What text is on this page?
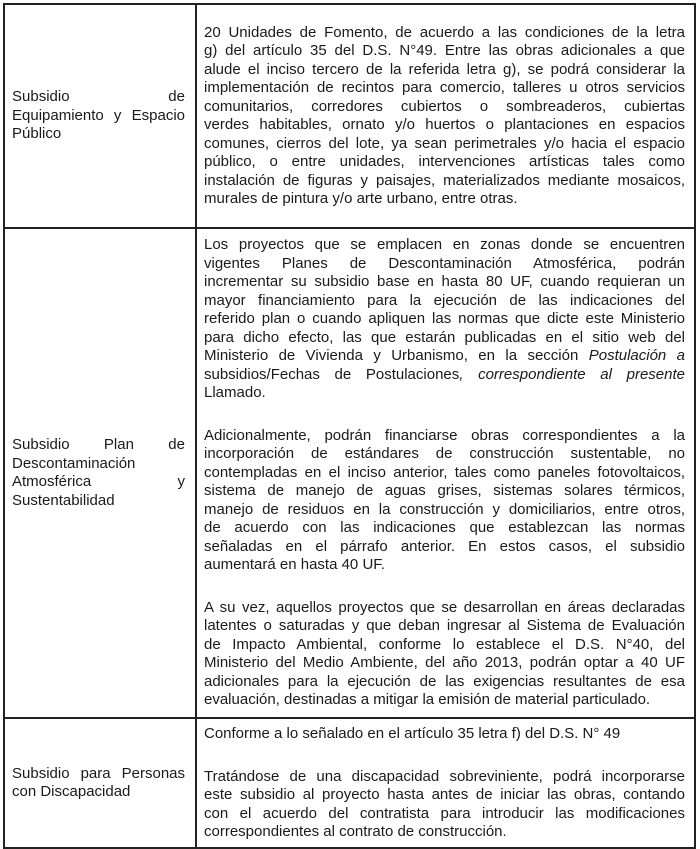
Subsidio de
Equipamiento y Espacio
Público
20 Unidades de Fomento, de acuerdo a las condiciones de la letra
g) del artículo 35 del D.S. N°49. Entre las obras adicionales a que
alude el inciso tercero de la referida letra g), se podrá considerar la
implementación de recintos para comercio, talleres u otros servicios
comunitarios, corredores cubiertos o sombreaderos, cubiertas
verdes habitables, ornato y/o huertos o plantaciones en espacios
comunes, cierros del lote, ya sean perimetrales y/o hacia el espacio
público, o entre unidades, intervenciones artísticas tales como
instalación de figuras y paisajes, materializados mediante mosaicos,
murales de pintura y/o arte urbano, entre otras.
Subsidio Plan de
Descontaminación
Atmosférica y
Sustentabilidad
Los proyectos que se emplacen en zonas donde se encuentren
vigentes Planes de Descontaminación Atmosférica, podrán
incrementar su subsidio base en hasta 80 UF, cuando requieran un
mayor financiamiento para la ejecución de las indicaciones del
referido plan o cuando apliquen las normas que dicte este Ministerio
para dicho efecto, las que estarán publicadas en el sitio web del
Ministerio de Vivienda y Urbanismo, en la sección Postulación a
subsidios/Fechas de Postulaciones, correspondiente al presente
Llamado.
Adicionalmente, podrán financiarse obras correspondientes a la
incorporación de estándares de construcción sustentable, no
contempladas en el inciso anterior, tales como paneles fotovoltaicos,
sistema de manejo de aguas grises, sistemas solares térmicos,
manejo de residuos en la construcción y domiciliarios, entre otros,
de acuerdo con las indicaciones que establezcan las normas
señaladas en el párrafo anterior. En estos casos, el subsidio
aumentará en hasta 40 UF.
A su vez, aquellos proyectos que se desarrollan en áreas declaradas
latentes o saturadas y que deban ingresar al Sistema de Evaluación
de Impacto Ambiental, conforme lo establece el D.S. N°40, del
Ministerio del Medio Ambiente, del año 2013, podrán optar a 40 UF
adicionales para la ejecución de las exigencias resultantes de esa
evaluación, destinadas a mitigar la emisión de material particulado.
Subsidio para Personas
con Discapacidad
Conforme a lo señalado en el artículo 35 letra f) del D.S. N° 49
Tratándose de una discapacidad sobreviniente, podrá incorporarse
este subsidio al proyecto hasta antes de iniciar las obras, contando
con el acuerdo del contratista para introducir las modificaciones
correspondientes al contrato de construcción.
